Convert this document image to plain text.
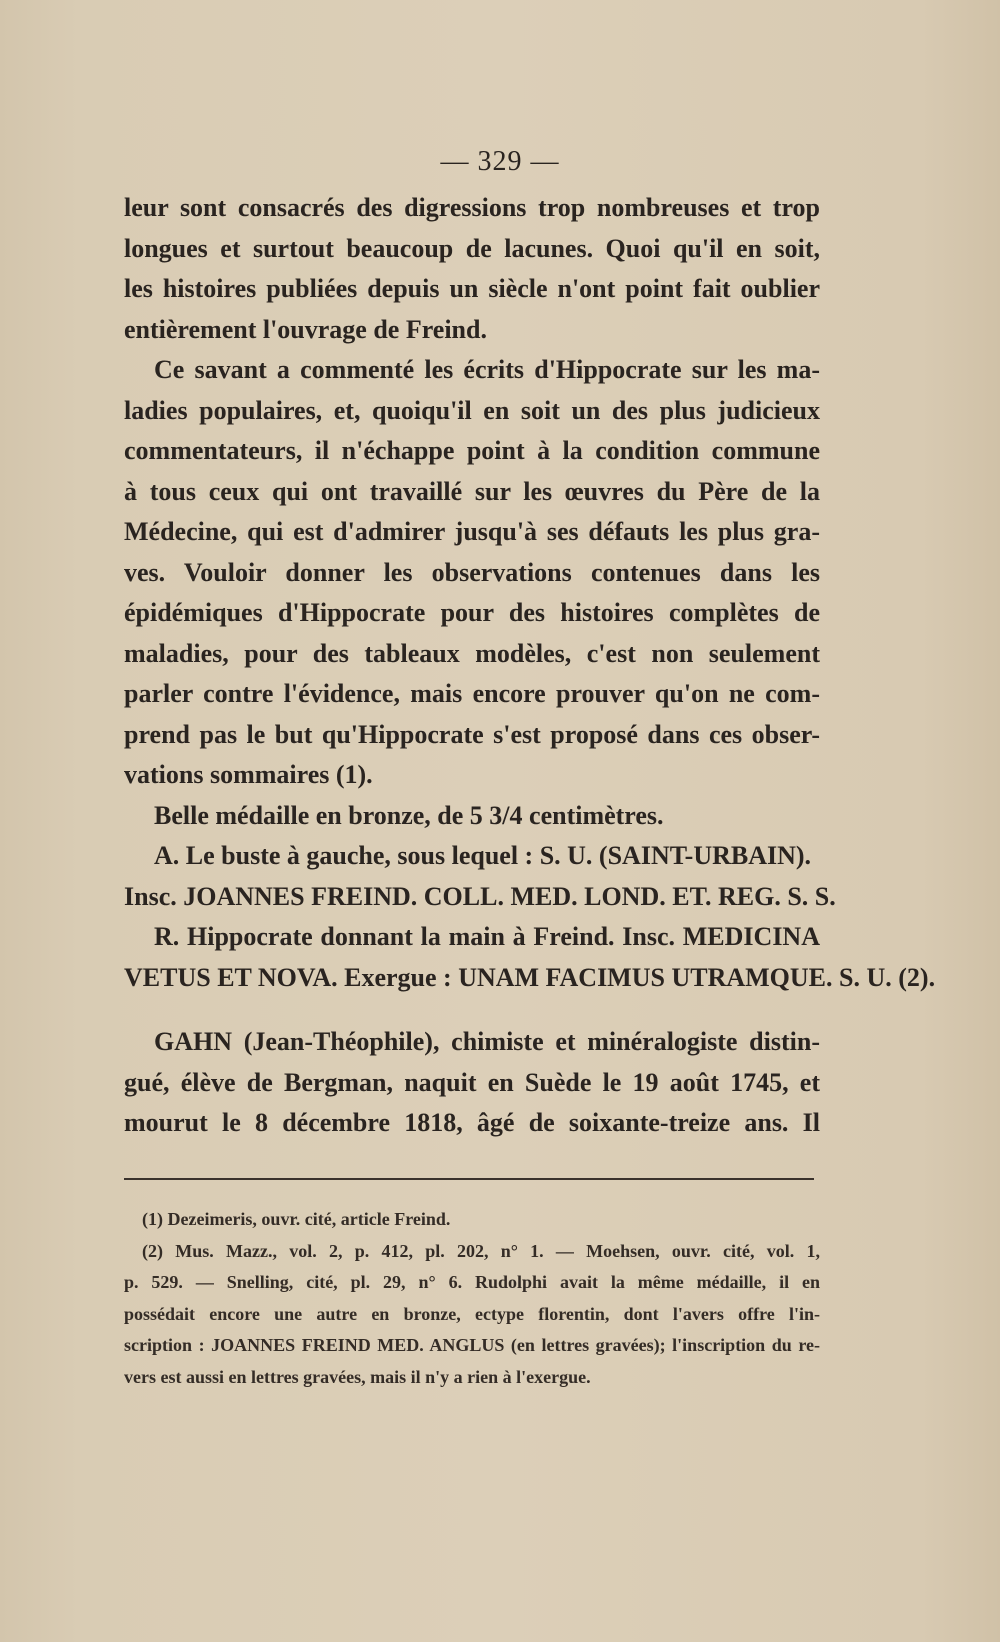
— 329 —
leur sont consacrés des digressions trop nombreuses et trop
longues et surtout beaucoup de lacunes. Quoi qu'il en soit,
les histoires publiées depuis un siècle n'ont point fait oublier
entièrement l'ouvrage de Freind.
Ce savant a commenté les écrits d'Hippocrate sur les ma-
ladies populaires, et, quoiqu'il en soit un des plus judicieux
commentateurs, il n'échappe point à la condition commune
à tous ceux qui ont travaillé sur les œuvres du Père de la
Médecine, qui est d'admirer jusqu'à ses défauts les plus gra-
ves. Vouloir donner les observations contenues dans les
épidémiques d'Hippocrate pour des histoires complètes de
maladies, pour des tableaux modèles, c'est non seulement
parler contre l'évidence, mais encore prouver qu'on ne com-
prend pas le but qu'Hippocrate s'est proposé dans ces obser-
vations sommaires (1).
Belle médaille en bronze, de 5 3/4 centimètres.
A. Le buste à gauche, sous lequel : S. U. (SAINT-URBAIN).
Insc. JOANNES FREIND. COLL. MED. LOND. ET. REG. S. S.
R. Hippocrate donnant la main à Freind. Insc. MEDICINA
VETUS ET NOVA. Exergue : UNAM FACIMUS UTRAMQUE. S. U. (2).
GAHN (Jean-Théophile), chimiste et minéralogiste distin-
gué, élève de Bergman, naquit en Suède le 19 août 1745, et
mourut le 8 décembre 1818, âgé de soixante-treize ans. Il
(1) Dezeimeris, ouvr. cité, article Freind.
(2) Mus. Mazz., vol. 2, p. 412, pl. 202, n° 1. — Moehsen, ouvr. cité, vol. 1,
p. 529. — Snelling, cité, pl. 29, n° 6. Rudolphi avait la même médaille, il en
possédait encore une autre en bronze, ectype florentin, dont l'avers offre l'in-
scription : JOANNES FREIND MED. ANGLUS (en lettres gravées); l'inscription du re-
vers est aussi en lettres gravées, mais il n'y a rien à l'exergue.
